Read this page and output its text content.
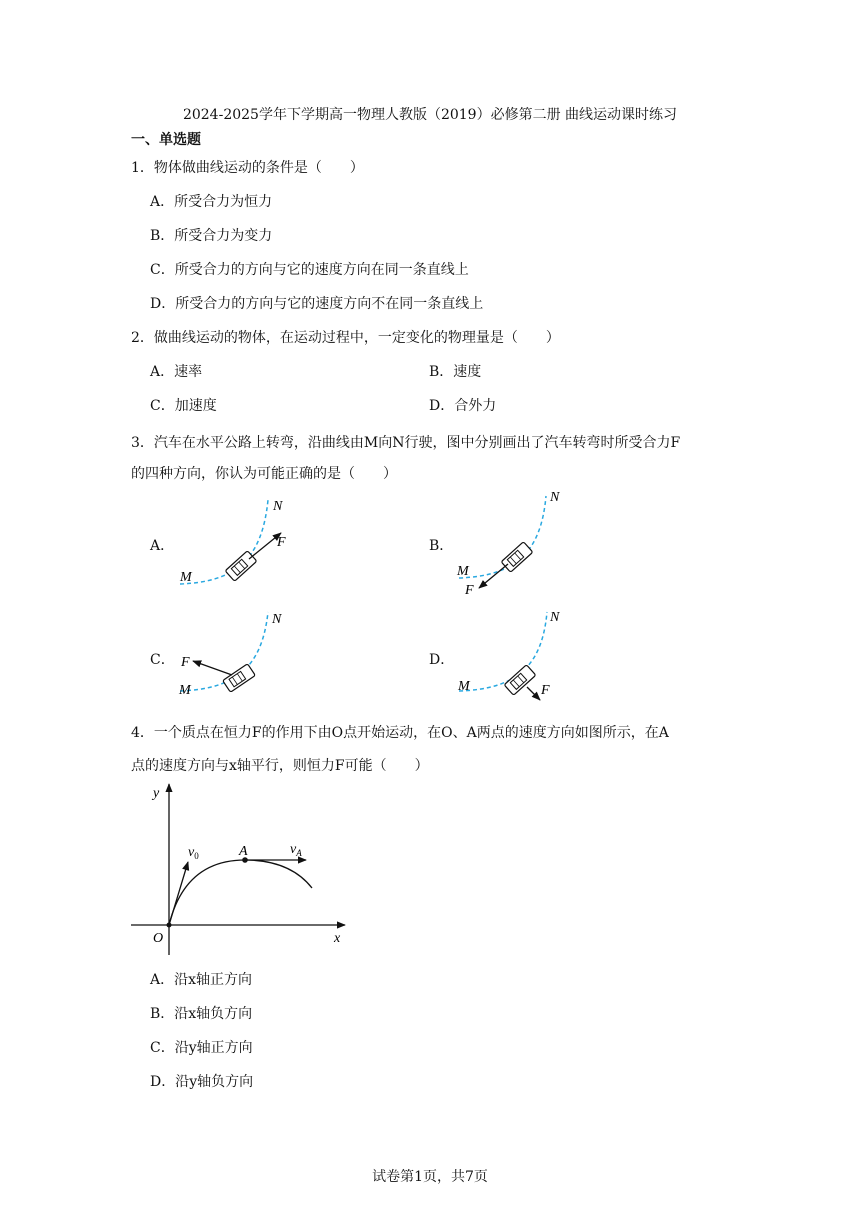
2024-2025学年下学期高一物理人教版（2019）必修第二册 曲线运动课时练习
一、单选题
1．物体做曲线运动的条件是（　　）
A．所受合力为恒力
B．所受合力为变力
C．所受合力的方向与它的速度方向在同一条直线上
D．所受合力的方向与它的速度方向不在同一条直线上
2．做曲线运动的物体，在运动过程中，一定变化的物理量是（　　）
A．速率	B．速度
C．加速度	D．合外力
3．汽车在水平公路上转弯，沿曲线由M向N行驶，图中分别画出了汽车转弯时所受合力F
的四种方向，你认为可能正确的是（　　）
A．	B．
C．	D．
N
F
M
N
M
F
N
F
M
N
F
M
y
x
O
A
$v_0$	$v_A$
4．一个质点在恒力F的作用下由O点开始运动，在O、A两点的速度方向如图所示，在A
点的速度方向与x轴平行，则恒力F可能（　　）
A．沿x轴正方向
B．沿x轴负方向
C．沿y轴正方向
D．沿y轴负方向
试卷第1页，共7页
